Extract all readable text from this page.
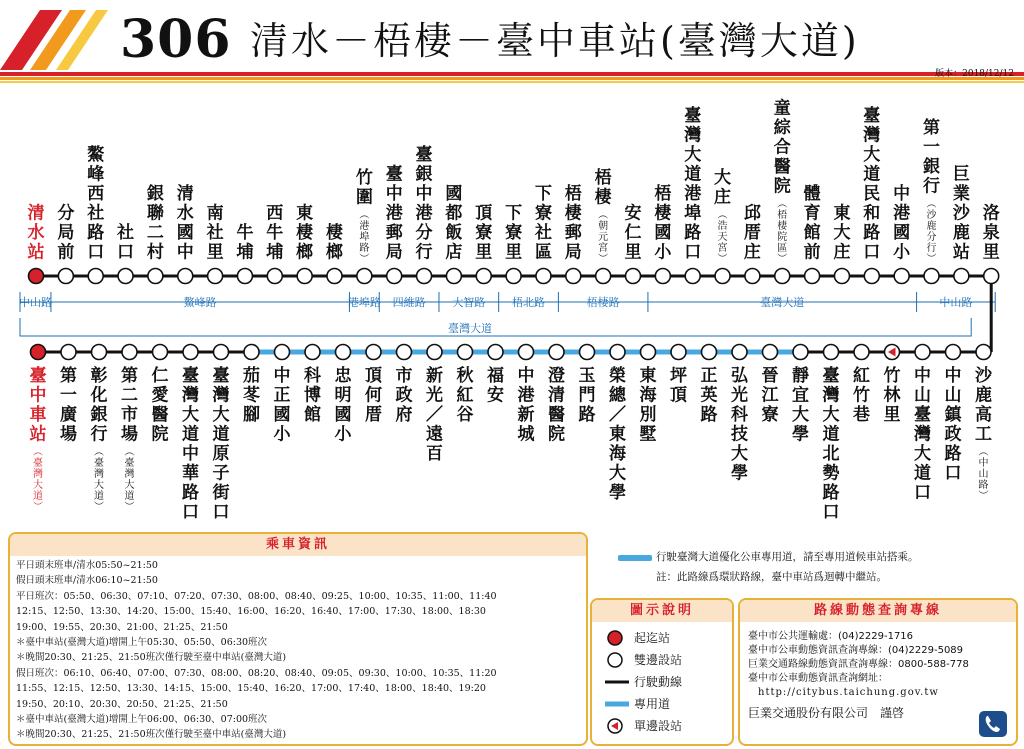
306 清水－梧棲－臺中車站(臺灣大道)
版本：2018/12/12
中山路	鰲峰路	港埠路 四維路 大智路 梧北路	梧棲路	臺灣大道	中山路
臺灣大道
清水站
分局前
鰲峰西社路口
社口
銀聯二村
清水國中
南社里
牛埔
西牛埔
東棲榔
棲榔
竹圍
︵港埠路︶
臺中港郵局
臺銀中港分行
國都飯店
頂寮里
下寮里
下寮社區
梧棲郵局
梧棲
︵朝元宮︶
安仁里
梧棲國小
臺灣大道港埠路口
大庄
︵浩天宮︶
邱厝庄
童綜合醫院
︵梧棲院區︶
體育館前
東大庄
臺灣大道民和路口
中港國小
第一銀行
︵沙鹿分行︶
巨業沙鹿站
洛泉里
臺中車站
︵臺灣大道︶
第一廣場
彰化銀行
︵臺灣大道︶
第二市場
︵臺灣大道︶
仁愛醫院
臺灣大道中華路口
臺灣大道原子街口
茄苳腳
中正國小
科博館
忠明國小
頂何厝
市政府
新光／遠百
秋紅谷
福安
中港新城
澄清醫院
玉門路
榮總／東海大學
東海別墅
坪頂
正英路
弘光科技大學
晉江寮
靜宜大學
臺灣大道北勢路口
紅竹巷
竹林里
中山臺灣大道口
中山鎮政路口
沙鹿高工
︵中山路︶
行駛臺灣大道優化公車專用道，請至專用道候車站搭乘。
註：此路線爲環狀路線，臺中車站爲迴轉中繼站。
乘車資訊
平日頭末班車/清水05:50~21:50
假日頭末班車/清水06:10~21:50
平日班次：05:50、06:30、07:10、07:20、07:30、08:00、08:40、09:25、10:00、10:35、11:00、11:40
12:15、12:50、13:30、14:20、15:00、15:40、16:00、16:20、16:40、17:00、17:30、18:00、18:30
19:00、19:55、20:30、21:00、21:25、21:50
＊臺中車站(臺灣大道)增開上午05:30、05:50、06:30班次
＊晚間20:30、21:25、21:50班次僅行駛至臺中車站(臺灣大道)
假日班次：06:10、06:40、07:00、07:30、08:00、08:20、08:40、09:05、09:30、10:00、10:35、11:20
11:55、12:15、12:50、13:30、14:15、15:00、15:40、16:20、17:00、17:40、18:00、18:40、19:20
19:50、20:10、20:30、20:50、21:25、21:50
＊臺中車站(臺灣大道)增開上午06:00、06:30、07:00班次
＊晚間20:30、21:25、21:50班次僅行駛至臺中車站(臺灣大道)
圖示說明
起迄站
雙邊設站
行駛動線
專用道
單邊設站
路線動態查詢專線
臺中市公共運輸處：(04)2229-1716
臺中市公車動態資訊查詢專線：(04)2229-5089
巨業交通路線動態資訊查詢專線：0800-588-778
臺中市公車動態資訊查詢網址：
http://citybus.taichung.gov.tw
巨業交通股份有限公司　謹啓
